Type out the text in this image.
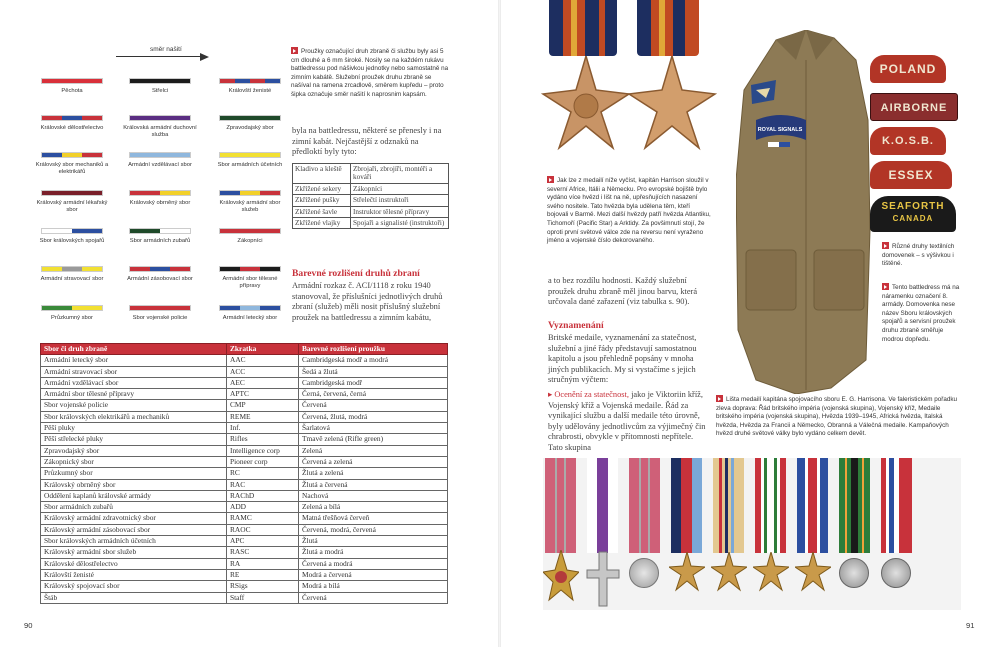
směr našití
Pěchota	Střelci	Královští ženisté
Královské dělostřelectvo	Královská armádní duchovní služba
Zpravodajský sbor
Královský sbor mechaniků a elektrikářů
Armádní vzdělávací sbor	Sbor armádních účetních
Královský armádní lékařský sbor
Královský obrněný sbor	Královský armádní sbor služeb
Sbor královských spojařů	Sbor armádních zubařů	Zákopníci
Armádní stravovací sbor	Armádní zásobovací sbor	Armádní sbor tělesné přípravy
Průzkumný sbor	Sbor vojenské policie	Armádní letecký sbor
Proužky označující druh zbraně či službu byly asi 5 cm dlouhé a 6 mm široké. Nosily se na každém rukávu battledressu pod nášivkou jednotky nebo samostatně na zimním kabátě. Služební proužek druhu zbraně se našíval na ramena zrcadlově, směrem kupředu – proto šipka označuje směr našití k naprosnim kapsám.
byla na battledressu, některé se přenesly i na zimní kabát. Nejčastější z odznaků na předloktí byly tyto:
Kladivo a kleště	Zbrojaři, zbrojíři, montéři a kováři
Zkřížené sekery	Zákopníci
Zkřížené pušky	Střelečtí instruktoři
Zkřížené šavle	Instruktor tělesné přípravy
Zkřížené vlajky	Spojaři a signalisté (instruktoři)
Barevné rozlišení druhů zbraní
Armádní rozkaz č. ACI/1118 z roku 1940 stanovoval, že příslušníci jednotlivých druhů zbraní (služeb) měli nosit příslušný služební proužek na battledressu a zimním kabátu,
Sbor či druh zbraně	Zkratka	Barevné rozlišení proužku
Armádní letecký sbor	AAC	Cambridgeská modř a modrá
Armádní stravovací sbor	ACC	Šedá a žlutá
Armádní vzdělávací sbor	AEC	Cambridgeská modř
Armádní sbor tělesné přípravy	APTC	Černá, červená, černá
Sbor vojenské policie	CMP	Červená
Sbor královských elektrikářů a mechaniků	REME	Červená, žlutá, modrá
Pěší pluky	Inf.	Šarlatová
Pěší střelecké pluky	Rifles	Tmavě zelená (Rifle green)
Zpravodajský sbor	Intelligence corp	Zelená
Zákopnický sbor	Pioneer corp	Červená a zelená
Průzkumný sbor	RC	Žlutá a zelená
Královský obrněný sbor	RAC	Žlutá a červená
Oddělení kaplanů královské armády	RAChD	Nachová
Sbor armádních zubařů	ADD	Zelená a bílá
Královský armádní zdravotnický sbor	RAMC	Matná třešňová červeň
Královský armádní zásobovací sbor	RAOC	Červená, modrá, červená
Sbor královských armádních účetních	APC	Žlutá
Královský armádní sbor služeb	RASC	Žlutá a modrá
Královské dělostřelectvo	RA	Červená a modrá
Královští ženisté	RE	Modrá a červená
Královský spojovací sbor	RSigs	Modrá a bílá
Štáb	Staff	Červená
90
Jak lze z medailí níže vyčíst, kapitán Harrison sloužil v severní Africe, Itálii a Německu. Pro evropské bojiště bylo vydáno více hvězd i lišt na ně, upřesňujících nasazení svého nositele. Tato hvězda byla udělena těm, kteří bojovali v Barmě. Mezi další hvězdy patří hvězda Atlantiku, Tichomoří (Pacific Star) a Arktidy. Za povšimnutí stojí, že oproti první světové válce zde na reversu není vyraženo jméno a vojenské číslo dekorovaného.
ROYAL SIGNALS
POLAND
AIRBORNE
K.O.S.B.
ESSEX
SEAFORTH
CANADA
Různé druhy textilních domovenek – s výšivkou i tištěné.
Tento battledress má na náramenku označení 8. armády. Domovenka nese název Sboru královských spojařů a servisní proužek druhu zbraně směřuje modrou dopředu.
a to bez rozdílu hodnosti. Každý služební proužek druhu zbraně měl jinou barvu, která určovala dané zařazení (viz tabulka s. 90).
Vyznamenání
Britské medaile, vyznamenání za statečnost, služební a jiné řády představují samostatnou kapitolu a jsou přehledně popsány v mnoha jiných publikacích. My si vystačíme s jejich stručným výčtem:
▸ Ocenění za statečnost, jako je Viktoriin kříž, Vojenský kříž a Vojenská medaile. Řád za vynikající službu a další medaile této úrovně, byly udělovány jednotlivcům za výjimečný čin chrabrosti, obvykle v přítomnosti nepřítele. Tato skupina
Lišta medailí kapitána spojovacího sboru E. G. Harrisona. Ve faleristickém pořadku zleva doprava: Řád britského impéria (vojenská skupina), Vojenský kříž, Medaile britského impéria (vojenská skupina), Hvězda 1939–1945, Africká hvězda, Italská hvězda, Hvězda za Francii a Německo, Obranná a Válečná medaile. Kampaňových hvězd druhé světové války bylo vydáno celkem devět.
91
